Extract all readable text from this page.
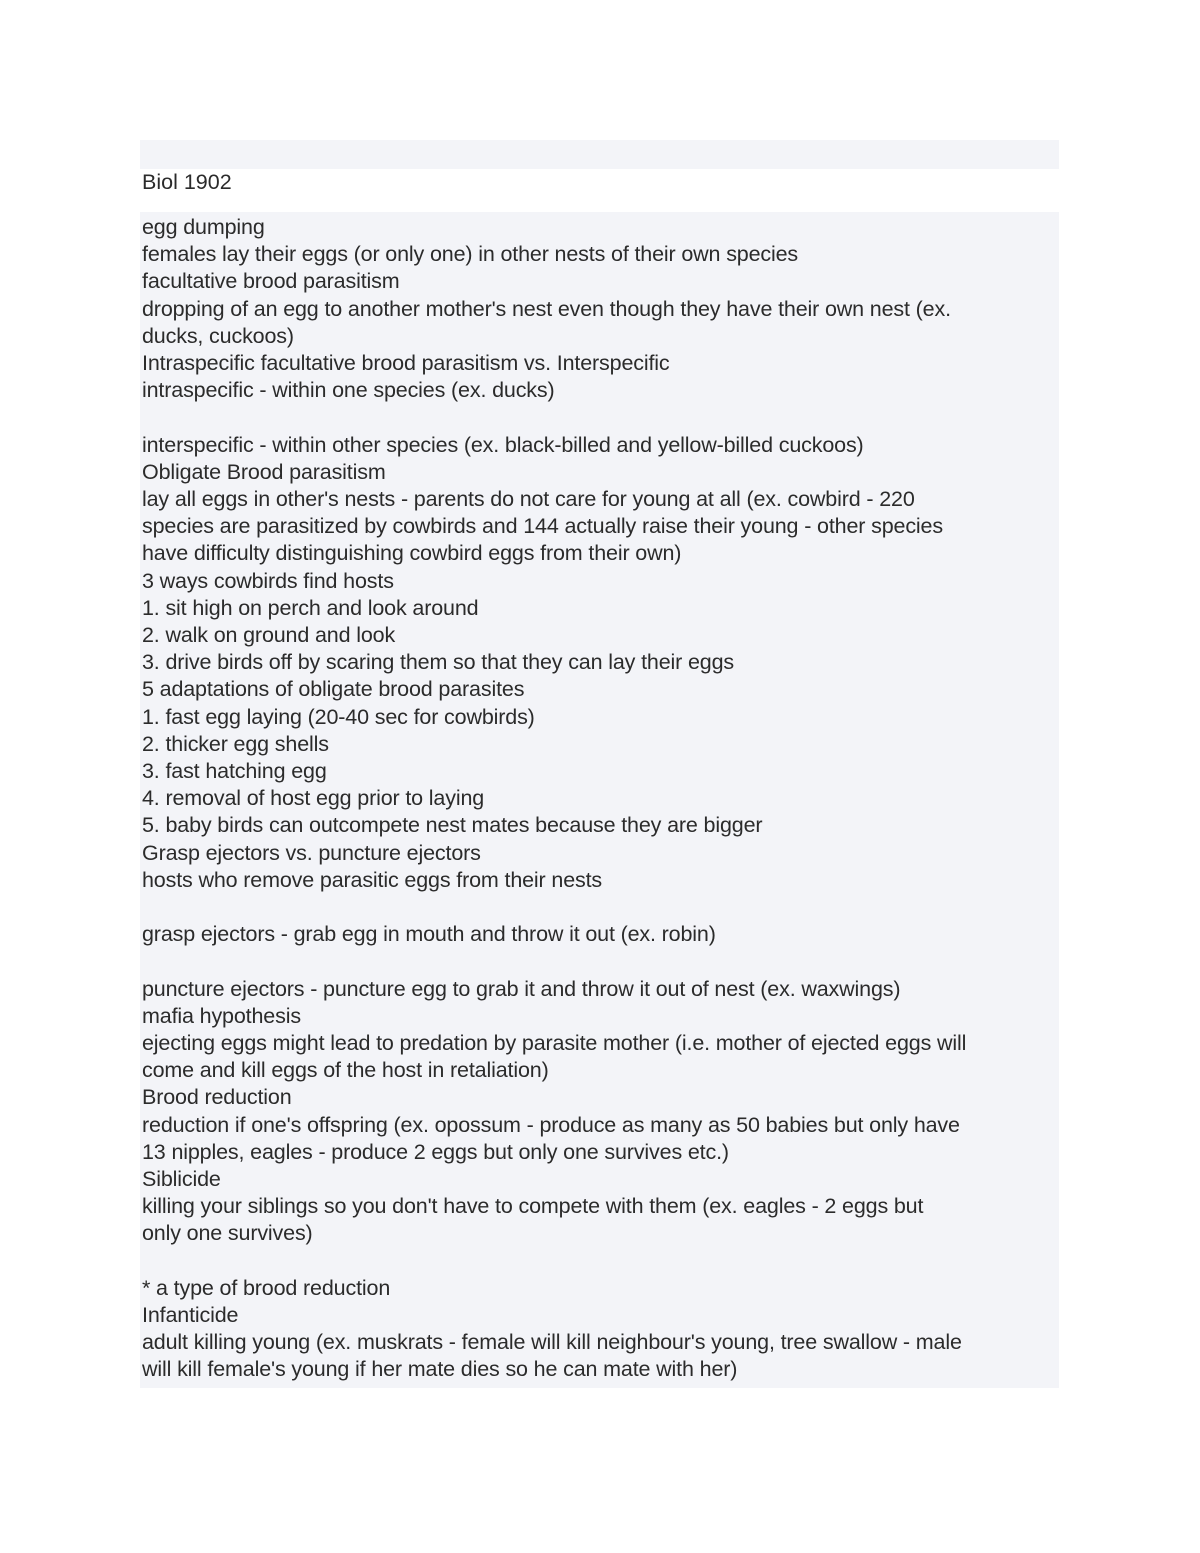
Biol 1902
egg dumping
females lay their eggs (or only one) in other nests of their own species
facultative brood parasitism
dropping of an egg to another mother's nest even though they have their own nest (ex.
ducks, cuckoos)
Intraspecific facultative brood parasitism vs. Interspecific
intraspecific - within one species (ex. ducks)
interspecific - within other species (ex. black-billed and yellow-billed cuckoos)
Obligate Brood parasitism
lay all eggs in other's nests - parents do not care for young at all (ex. cowbird - 220
species are parasitized by cowbirds and 144 actually raise their young - other species
have difficulty distinguishing cowbird eggs from their own)
3 ways cowbirds find hosts
1. sit high on perch and look around
2. walk on ground and look
3. drive birds off by scaring them so that they can lay their eggs
5 adaptations of obligate brood parasites
1. fast egg laying (20-40 sec for cowbirds)
2. thicker egg shells
3. fast hatching egg
4. removal of host egg prior to laying
5. baby birds can outcompete nest mates because they are bigger
Grasp ejectors vs. puncture ejectors
hosts who remove parasitic eggs from their nests
grasp ejectors - grab egg in mouth and throw it out (ex. robin)
puncture ejectors - puncture egg to grab it and throw it out of nest (ex. waxwings)
mafia hypothesis
ejecting eggs might lead to predation by parasite mother (i.e. mother of ejected eggs will
come and kill eggs of the host in retaliation)
Brood reduction
reduction if one's offspring (ex. opossum - produce as many as 50 babies but only have
13 nipples, eagles - produce 2 eggs but only one survives etc.)
Siblicide
killing your siblings so you don't have to compete with them (ex. eagles - 2 eggs but
only one survives)
* a type of brood reduction
Infanticide
adult killing young (ex. muskrats - female will kill neighbour's young, tree swallow - male
will kill female's young if her mate dies so he can mate with her)
